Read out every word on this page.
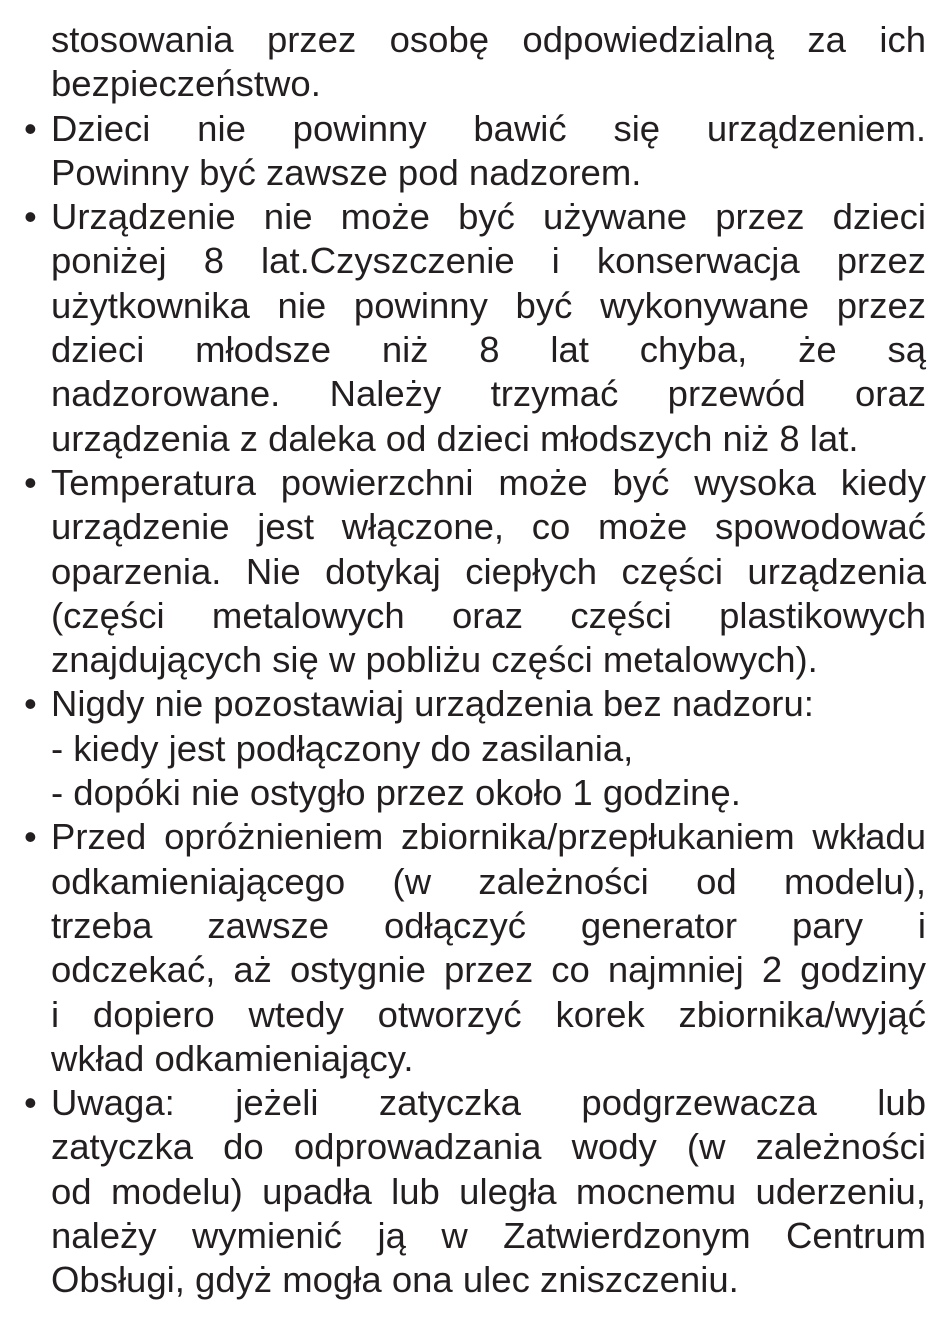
stosowania przez osobę odpowiedzialną za ich
bezpieczeństwo.
• Dzieci nie powinny bawić się urządzeniem.
Powinny być zawsze pod nadzorem.
• Urządzenie nie może być używane przez dzieci
poniżej 8 lat.Czyszczenie i konserwacja przez
użytkownika nie powinny być wykonywane przez
dzieci młodsze niż 8 lat chyba, że są
nadzorowane. Należy trzymać przewód oraz
urządzenia z daleka od dzieci młodszych niż 8 lat.
• Temperatura powierzchni może być wysoka kiedy
urządzenie jest włączone, co może spowodować
oparzenia. Nie dotykaj ciepłych części urządzenia
(części metalowych oraz części plastikowych
znajdujących się w pobliżu części metalowych).
• Nigdy nie pozostawiaj urządzenia bez nadzoru:
- kiedy jest podłączony do zasilania,
- dopóki nie ostygło przez około 1 godzinę.
• Przed opróżnieniem zbiornika/przepłukaniem wkładu
odkamieniającego (w zależności od modelu),
trzeba zawsze odłączyć generator pary i
odczekać, aż ostygnie przez co najmniej 2 godziny
i dopiero wtedy otworzyć korek zbiornika/wyjąć
wkład odkamieniający.
• Uwaga: jeżeli zatyczka podgrzewacza lub
zatyczka do odprowadzania wody (w zależności
od modelu) upadła lub uległa mocnemu uderzeniu,
należy wymienić ją w Zatwierdzonym Centrum
Obsługi, gdyż mogła ona ulec zniszczeniu.
